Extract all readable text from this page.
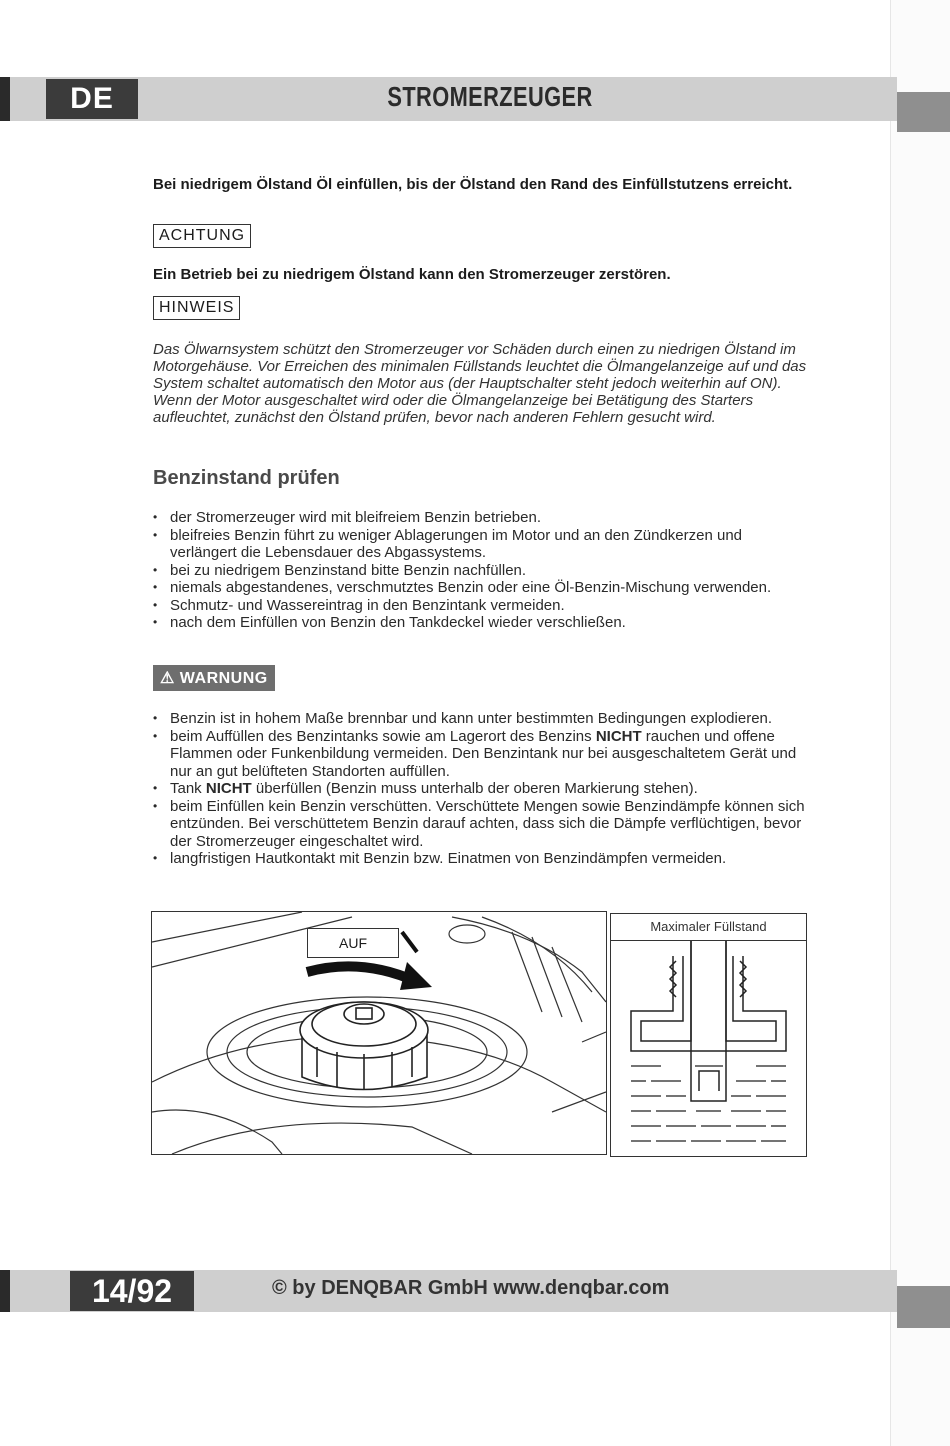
DE	STROMERZEUGER

Bei niedrigem Ölstand Öl einfüllen, bis der Ölstand den Rand des Einfüllstutzens erreicht.

ACHTUNG

Ein Betrieb bei zu niedrigem Ölstand kann den Stromerzeuger zerstören.

HINWEIS

Das Ölwarnsystem schützt den Stromerzeuger vor Schäden durch einen zu niedrigen Ölstand im Motorgehäuse. Vor Erreichen des minimalen Füllstands leuchtet die Ölmangelanzeige auf und das System schaltet automatisch den Motor aus (der Hauptschalter steht jedoch weiterhin auf ON). Wenn der Motor ausgeschaltet wird oder die Ölmangelanzeige bei Betätigung des Starters aufleuchtet, zunächst den Ölstand prüfen, bevor nach anderen Fehlern gesucht wird.

Benzinstand prüfen
• der Stromerzeuger wird mit bleifreiem Benzin betrieben.
• bleifreies Benzin führt zu weniger Ablagerungen im Motor und an den Zündkerzen und verlängert die Lebensdauer des Abgassystems.
• bei zu niedrigem Benzinstand bitte Benzin nachfüllen.
• niemals abgestandenes, verschmutztes Benzin oder eine Öl-Benzin-Mischung verwenden.
• Schmutz- und Wassereintrag in den Benzintank vermeiden.
• nach dem Einfüllen von Benzin den Tankdeckel wieder verschließen.
⚠ WARNUNG
• Benzin ist in hohem Maße brennbar und kann unter bestimmten Bedingungen explodieren.
• beim Auffüllen des Benzintanks sowie am Lagerort des Benzins NICHT rauchen und offene Flammen oder Funkenbildung vermeiden. Den Benzintank nur bei ausgeschaltetem Gerät und nur an gut belüfteten Standorten auffüllen.
• Tank NICHT überfüllen (Benzin muss unterhalb der oberen Markierung stehen).
• beim Einfüllen kein Benzin verschütten. Verschüttete Mengen sowie Benzindämpfe können sich entzünden. Bei verschüttetem Benzin darauf achten, dass sich die Dämpfe verflüchtigen, bevor der Stromerzeuger eingeschaltet wird.
• langfristigen Hautkontakt mit Benzin bzw. Einatmen von Benzindämpfen vermeiden.
AUF
Maximaler Füllstand
14/92	© by DENQBAR GmbH www.denqbar.com
